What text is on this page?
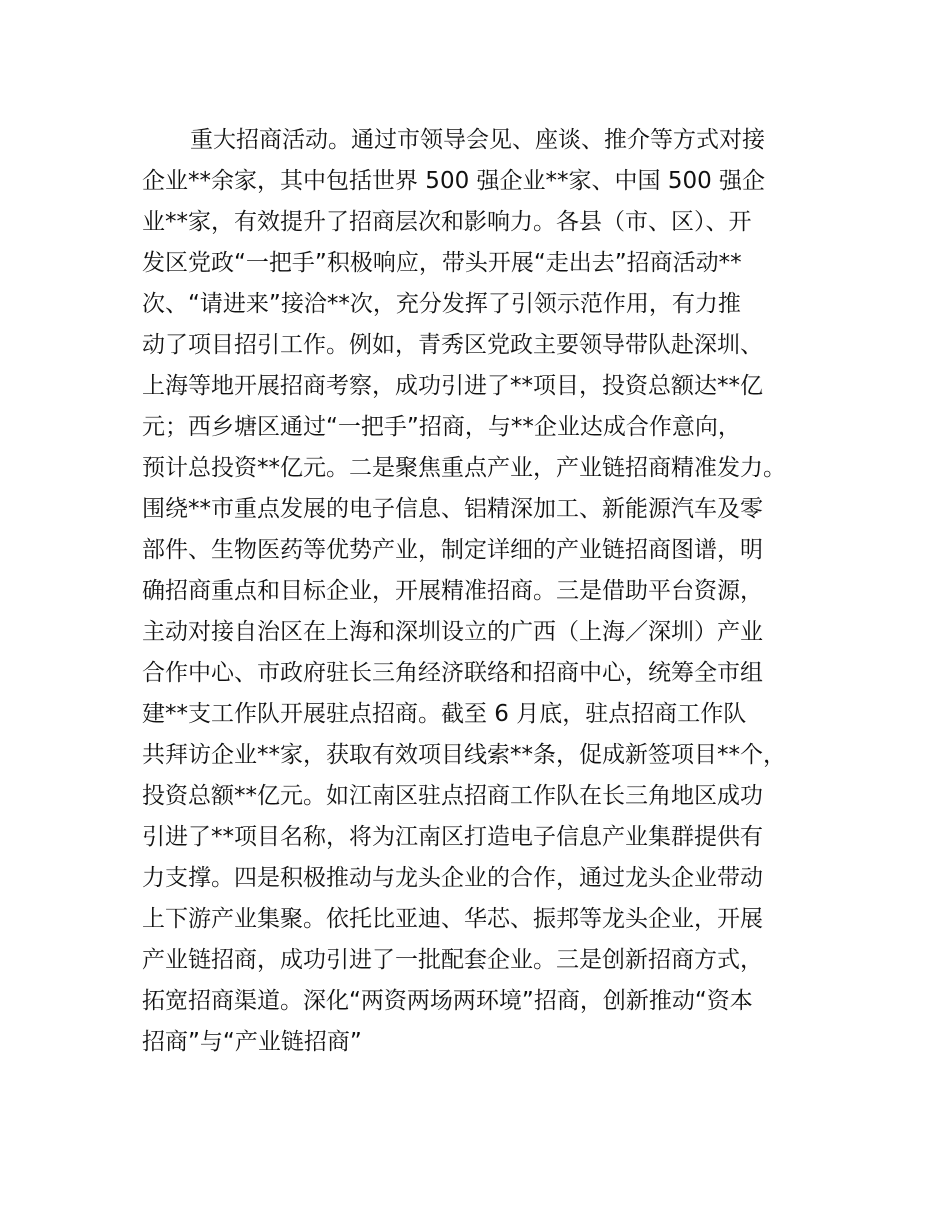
重大招商活动。通过市领导会见、座谈、推介等方式对接
企业**余家，其中包括世界 500 强企业**家、中国 500 强企
业**家，有效提升了招商层次和影响力。各县（市、区）、开
发区党政“一把手”积极响应，带头开展“走出去”招商活动**
次、“请进来”接洽**次，充分发挥了引领示范作用，有力推
动了项目招引工作。例如，青秀区党政主要领导带队赴深圳、
上海等地开展招商考察，成功引进了**项目，投资总额达**亿
元；西乡塘区通过“一把手”招商，与**企业达成合作意向，
预计总投资**亿元。二是聚焦重点产业，产业链招商精准发力。
围绕**市重点发展的电子信息、铝精深加工、新能源汽车及零
部件、生物医药等优势产业，制定详细的产业链招商图谱，明
确招商重点和目标企业，开展精准招商。三是借助平台资源，
主动对接自治区在上海和深圳设立的广西（上海／深圳）产业
合作中心、市政府驻长三角经济联络和招商中心，统筹全市组
建**支工作队开展驻点招商。截至 6 月底，驻点招商工作队
共拜访企业**家，获取有效项目线索**条，促成新签项目**个，
投资总额**亿元。如江南区驻点招商工作队在长三角地区成功
引进了**项目名称，将为江南区打造电子信息产业集群提供有
力支撑。四是积极推动与龙头企业的合作，通过龙头企业带动
上下游产业集聚。依托比亚迪、华芯、振邦等龙头企业，开展
产业链招商，成功引进了一批配套企业。三是创新招商方式，
拓宽招商渠道。深化“两资两场两环境”招商，创新推动“资本
招商”与“产业链招商”
